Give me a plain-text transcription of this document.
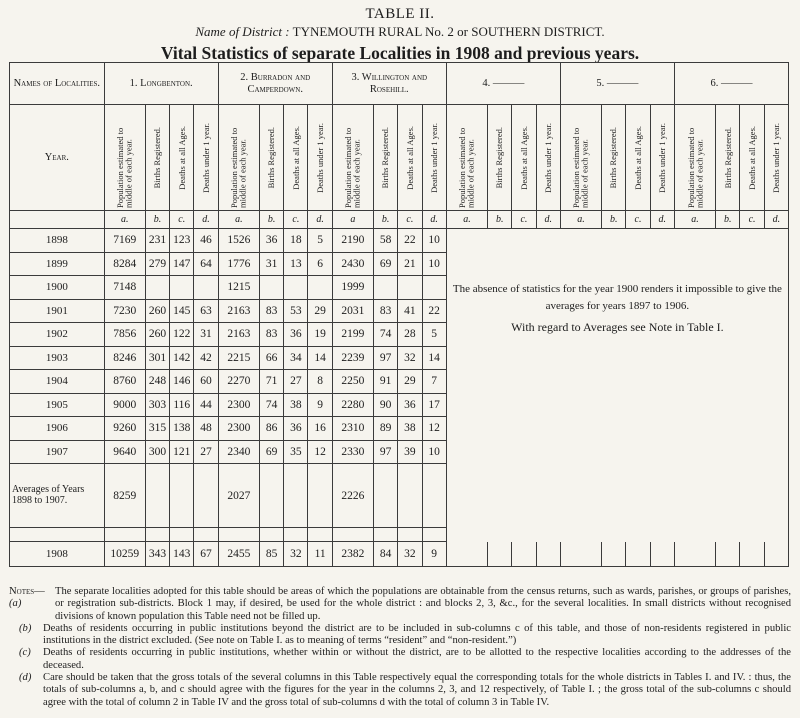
TABLE II.
Name of District : TYNEMOUTH RURAL No. 2 or SOUTHERN DISTRICT.
Vital Statistics of separate Localities in 1908 and previous years.
Names of Localities.	1. Longbenton.				2. Burradon and Camperdown.				3. Willington and Rosehill.				4. ———				5. ———				6. ———			
Year.	Population estimated to middle of each year.	Births Registered.	Deaths at all Ages.	Deaths under 1 year.	Population estimated to middle of each year.	Births Registered.	Deaths at all Ages.	Deaths under 1 year.	Population estimated to middle of each year.	Births Registered.	Deaths at all Ages.	Deaths under 1 year.	Population estimated to middle of each year.	Births Registered.	Deaths at all Ages.	Deaths under 1 year.	Population estimated to middle of each year.	Births Registered.	Deaths at all Ages.	Deaths under 1 year.	Population estimated to middle of each year.	Births Registered.	Deaths at all Ages.	Deaths under 1 year.

	a.	b.	c.	d.	a.	b.	c.	d.	a	b.	c.	d.	a.	b.	c.	d.	a.	b.	c.	d.	a.	b.	c.	d.
1898	7169	231	123	46	1526	36	18	5	2190	58	22	10	The absence of statistics for the year 1900 renders it impossible to give the averages for years 1897 to 1906.
With regard to Averages see Note in Table I.											

1899	8284	279	147	64	1776	31	13	6	2430	69	21	10												
1900	7148				1215				1999															
1901	7230	260	145	63	2163	83	53	29	2031	83	41	22												
1902	7856	260	122	31	2163	83	36	19	2199	74	28	5												
1903	8246	301	142	42	2215	66	34	14	2239	97	32	14												
1904	8760	248	146	60	2270	71	27	8	2250	91	29	7												
1905	9000	303	116	44	2300	74	38	9	2280	90	36	17												
1906	9260	315	138	48	2300	86	36	16	2310	89	38	12												
1907	9640	300	121	27	2340	69	35	12	2330	97	39	10												
Averages of Years 1898 to 1907.	8259				2027				2226															

1908	10259	343	143	67	2455	85	32	11	2382	84	32	9												
Notes—(a)
The separate localities adopted for this table should be areas of which the populations are obtainable from the census returns, such as wards, parishes, or groups of parishes, or registration sub-districts. Block 1 may, if desired, be used for the whole district : and blocks 2, 3, &c., for the several localities. In small districts without recognised divisions of known population this Table need not be filled up.
(b)	Deaths of residents occurring in public institutions beyond the district are to be included in sub-columns c of this table, and those of non-residents registered in public institutions in the district excluded. (See note on Table I. as to meaning of terms “resident” and “non-resident.”)
(c)	Deaths of residents occurring in public institutions, whether within or without the district, are to be allotted to the respective localities according to the addresses of the deceased.
(d)	Care should be taken that the gross totals of the several columns in this Table respectively equal the corresponding totals for the whole districts in Tables I. and IV. : thus, the totals of sub-columns a, b, and c should agree with the figures for the year in the columns 2, 3, and 12 respectively, of Table I. ; the gross total of the sub-columns c should agree with the total of column 2 in Table IV and the gross total of sub-columns d with the total of column 3 in Table IV.
